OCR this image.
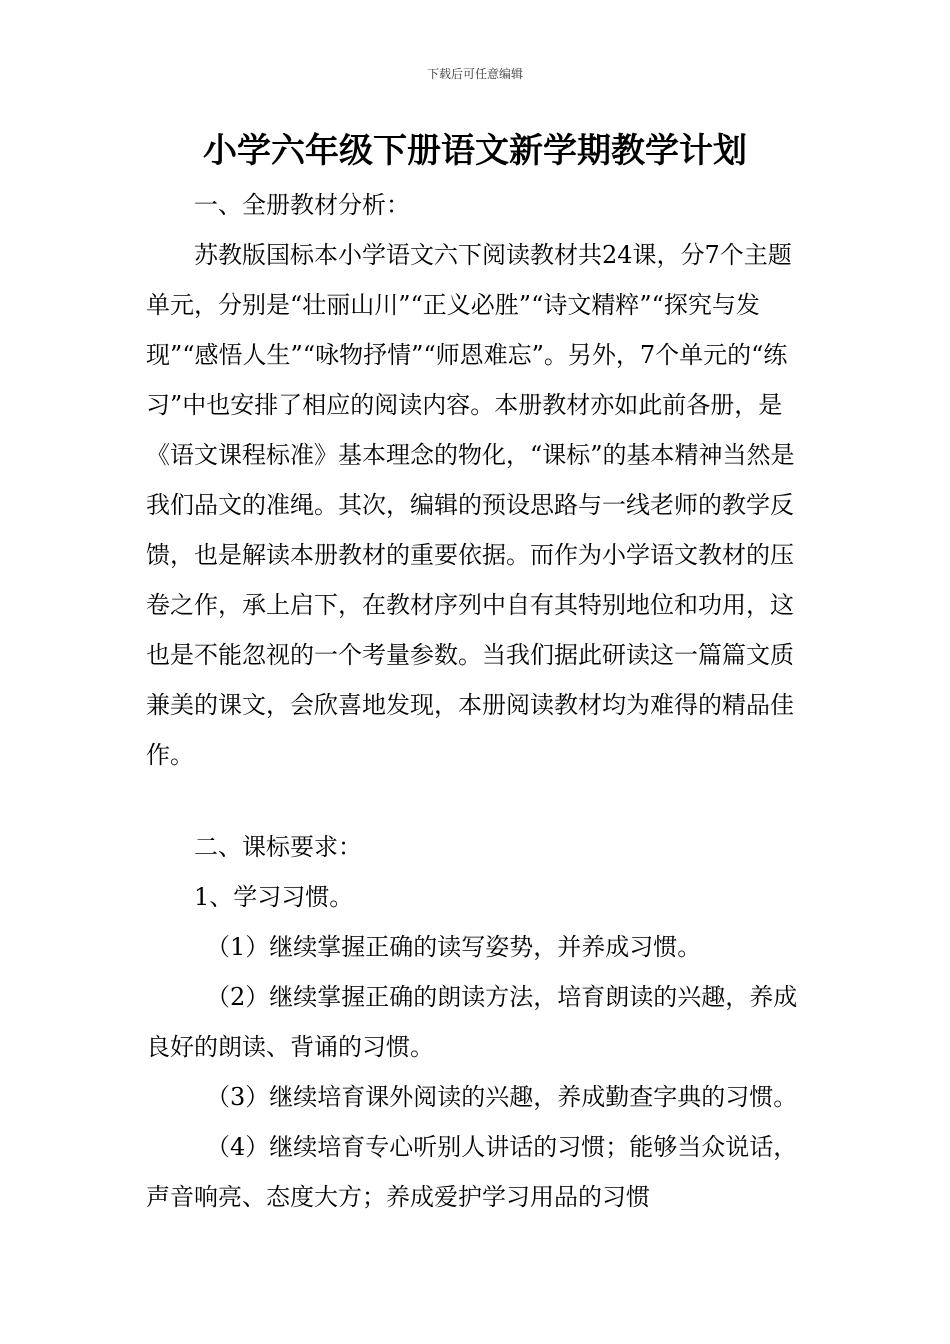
下载后可任意编辑
小学六年级下册语文新学期教学计划

一、全册教材分析：

苏教版国标本小学语文六下阅读教材共24课，分7个主题单元，分别是“壮丽山川”“正义必胜”“诗文精粹”“探究与发现”“感悟人生”“咏物抒情”“师恩难忘”。另外，7个单元的“练习”中也安排了相应的阅读内容。本册教材亦如此前各册，是《语文课程标准》基本理念的物化，“课标”的基本精神当然是我们品文的准绳。其次，编辑的预设思路与一线老师的教学反馈，也是解读本册教材的重要依据。而作为小学语文教材的压卷之作，承上启下，在教材序列中自有其特别地位和功用，这也是不能忽视的一个考量参数。当我们据此研读这一篇篇文质兼美的课文，会欣喜地发现，本册阅读教材均为难得的精品佳作。

二、课标要求：

1、学习习惯。

（1）继续掌握正确的读写姿势，并养成习惯。

（2）继续掌握正确的朗读方法，培育朗读的兴趣，养成良好的朗读、背诵的习惯。

（3）继续培育课外阅读的兴趣，养成勤查字典的习惯。

（4）继续培育专心听别人讲话的习惯；能够当众说话，声音响亮、态度大方；养成爱护学习用品的习惯
